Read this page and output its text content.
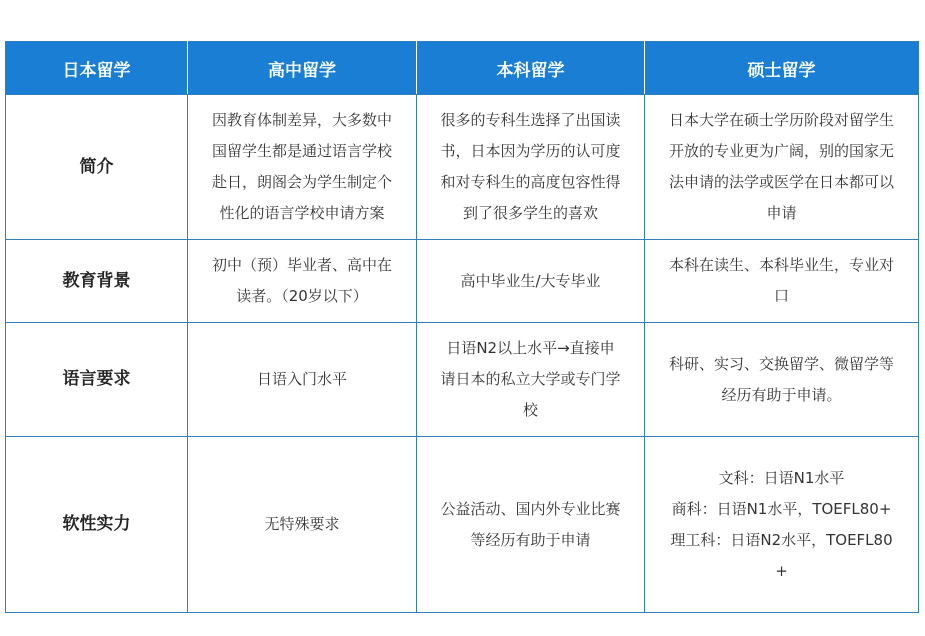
日本留学	高中留学	本科留学	硕士留学
简介	因教育体制差异，大多数中
国留学生都是通过语言学校
赴日，朗阁会为学生制定个
性化的语言学校申请方案	很多的专科生选择了出国读
书，日本因为学历的认可度
和对专科生的高度包容性得
到了很多学生的喜欢	日本大学在硕士学历阶段对留学生
开放的专业更为广阔，别的国家无
法申请的法学或医学在日本都可以
申请

教育背景	初中（预）毕业者、高中在
读者。（20岁以下）	高中毕业生/大专毕业	本科在读生、本科毕业生，专业对
口

语言要求	日语入门水平	日语N2以上水平→直接申
请日本的私立大学或专门学
校	科研、实习、交换留学、微留学等
经历有助于申请。

软性实力	无特殊要求	公益活动、国内外专业比赛
等经历有助于申请	文科：日语N1水平
商科：日语N1水平，TOEFL80+
理工科：日语N2水平，TOEFL80
+
